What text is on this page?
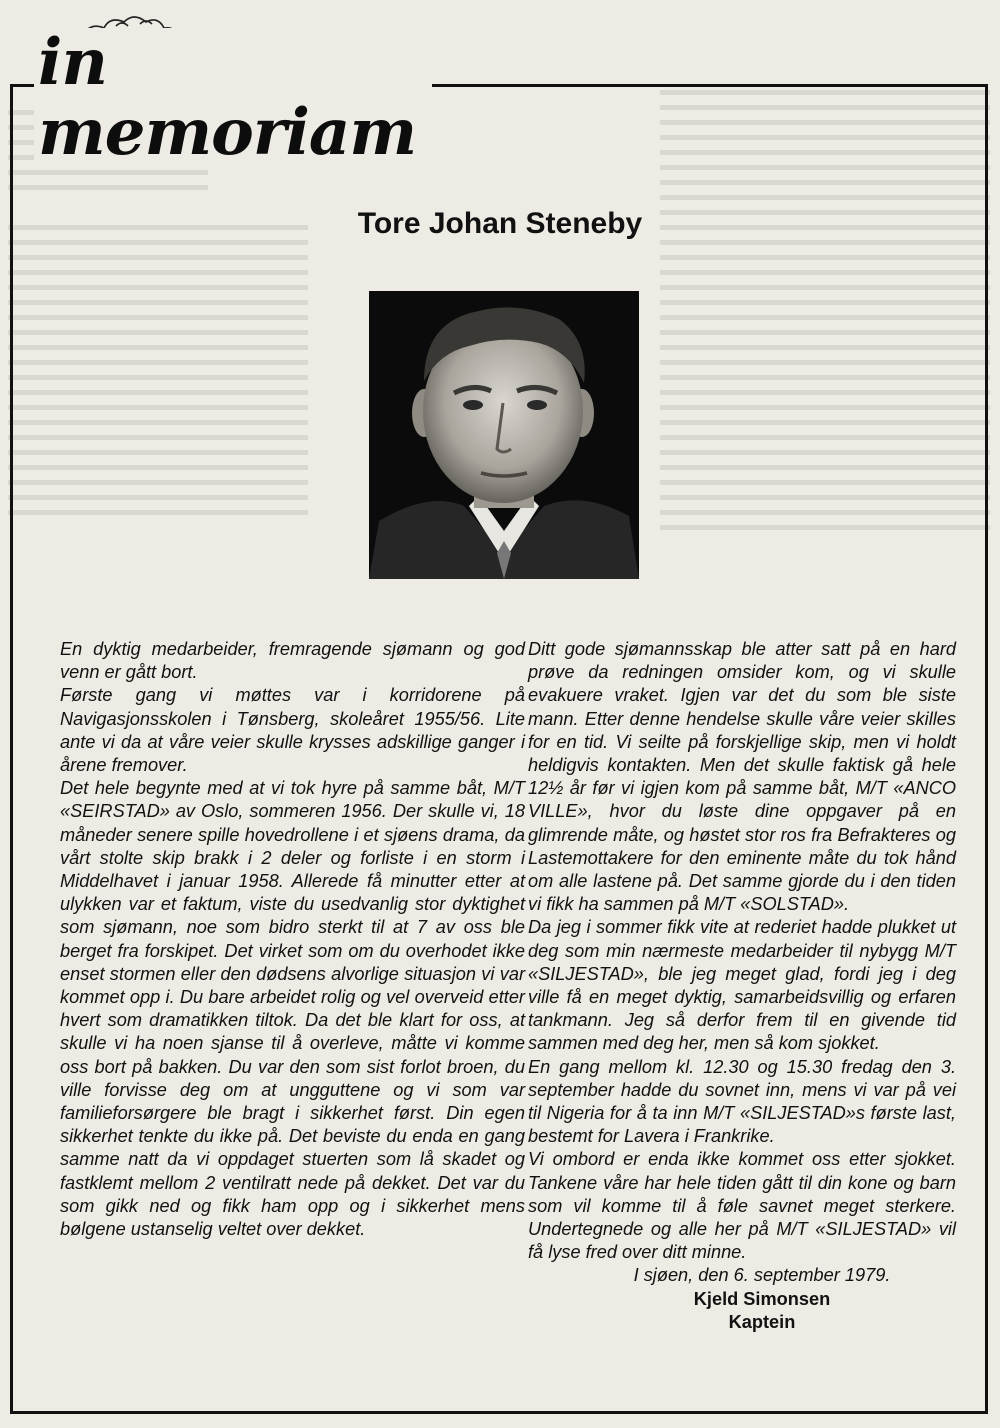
in memoriam
Tore Johan Steneby

En dyktig medarbeider, fremragende sjømann og god venn er gått bort.

Første gang vi møttes var i korridorene på Navigasjonsskolen i Tønsberg, skoleåret 1955/56. Lite ante vi da at våre veier skulle krysses adskillige ganger i årene fremover.

Det hele begynte med at vi tok hyre på samme båt, M/T «SEIRSTAD» av Oslo, sommeren 1956. Der skulle vi, 18 måneder senere spille hovedrollene i et sjøens drama, da vårt stolte skip brakk i 2 deler og forliste i en storm i Middelhavet i januar 1958. Allerede få minutter etter at ulykken var et faktum, viste du usedvanlig stor dyktighet som sjømann, noe som bidro sterkt til at 7 av oss ble berget fra forskipet. Det virket som om du overhodet ikke enset stormen eller den dødsens alvorlige situasjon vi var kommet opp i. Du bare arbeidet rolig og vel overveid etter hvert som dramatikken tiltok. Da det ble klart for oss, at skulle vi ha noen sjanse til å overleve, måtte vi komme oss bort på bakken. Du var den som sist forlot broen, du ville forvisse deg om at ungguttene og vi som var familieforsørgere ble bragt i sikkerhet først. Din egen sikkerhet tenkte du ikke på. Det beviste du enda en gang samme natt da vi oppdaget stuerten som lå skadet og fastklemt mellom 2 ventilratt nede på dekket. Det var du som gikk ned og fikk ham opp og i sikkerhet mens bølgene ustanselig veltet over dekket.

Ditt gode sjømannsskap ble atter satt på en hard prøve da redningen omsider kom, og vi skulle evakuere vraket. Igjen var det du som ble siste mann. Etter denne hendelse skulle våre veier skilles for en tid. Vi seilte på forskjellige skip, men vi holdt heldigvis kontakten. Men det skulle faktisk gå hele 12½ år før vi igjen kom på samme båt, M/T «ANCO VILLE», hvor du løste dine oppgaver på en glimrende måte, og høstet stor ros fra Befrakteres og Lastemottakere for den eminente måte du tok hånd om alle lastene på. Det samme gjorde du i den tiden vi fikk ha sammen på M/T «SOLSTAD».

Da jeg i sommer fikk vite at rederiet hadde plukket ut deg som min nærmeste medarbeider til nybygg M/T «SILJESTAD», ble jeg meget glad, fordi jeg i deg ville få en meget dyktig, samarbeidsvillig og erfaren tankmann. Jeg så derfor frem til en givende tid sammen med deg her, men så kom sjokket.

En gang mellom kl. 12.30 og 15.30 fredag den 3. september hadde du sovnet inn, mens vi var på vei til Nigeria for å ta inn M/T «SILJESTAD»s første last, bestemt for Lavera i Frankrike.

Vi ombord er enda ikke kommet oss etter sjokket. Tankene våre har hele tiden gått til din kone og barn som vil komme til å føle savnet meget sterkere. Undertegnede og alle her på M/T «SILJESTAD» vil få lyse fred over ditt minne.

I sjøen, den 6. september 1979.

Kjeld Simonsen

Kaptein
